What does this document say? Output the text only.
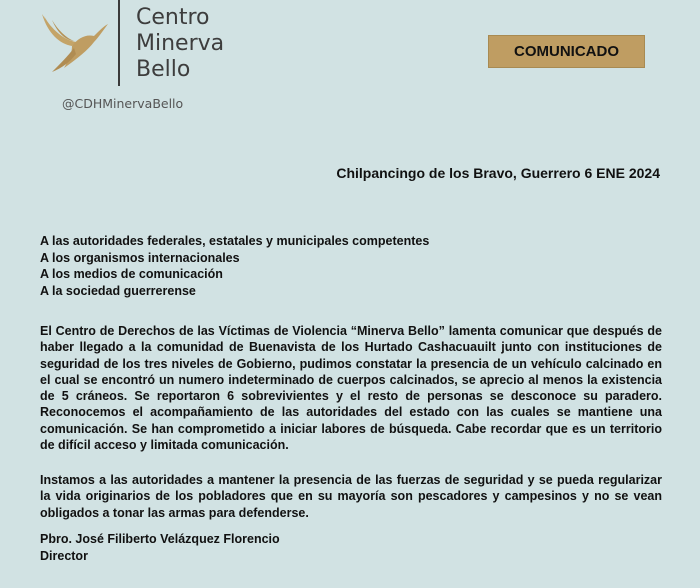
Centro
Minerva
Bello
@CDHMinervaBello
COMUNICADO
Chilpancingo de los Bravo, Guerrero 6 ENE 2024
A las autoridades federales, estatales y municipales competentes
A los organismos internacionales
A los medios de comunicación
A la sociedad guerrerense

El Centro de Derechos de las Víctimas de Violencia “Minerva Bello” lamenta comunicar que después de haber llegado a la comunidad de Buenavista de los Hurtado Cashacuauilt junto con instituciones de seguridad de los tres niveles de Gobierno, pudimos constatar la presencia de un vehículo calcinado en el cual se encontró un numero indeterminado de cuerpos calcinados, se aprecio al menos la existencia de 5 cráneos. Se reportaron 6 sobrevivientes y el resto de personas se desconoce su paradero. Reconocemos el acompañamiento de las autoridades del estado con las cuales se mantiene una comunicación. Se han comprometido a iniciar labores de búsqueda. Cabe recordar que es un territorio de difícil acceso y limitada comunicación.

Instamos a las autoridades a mantener la presencia de las fuerzas de seguridad y se pueda regularizar la vida originarios de los pobladores que en su mayoría son pescadores y campesinos y no se vean obligados a tonar las armas para defenderse.

Pbro. José Filiberto Velázquez Florencio
Director
